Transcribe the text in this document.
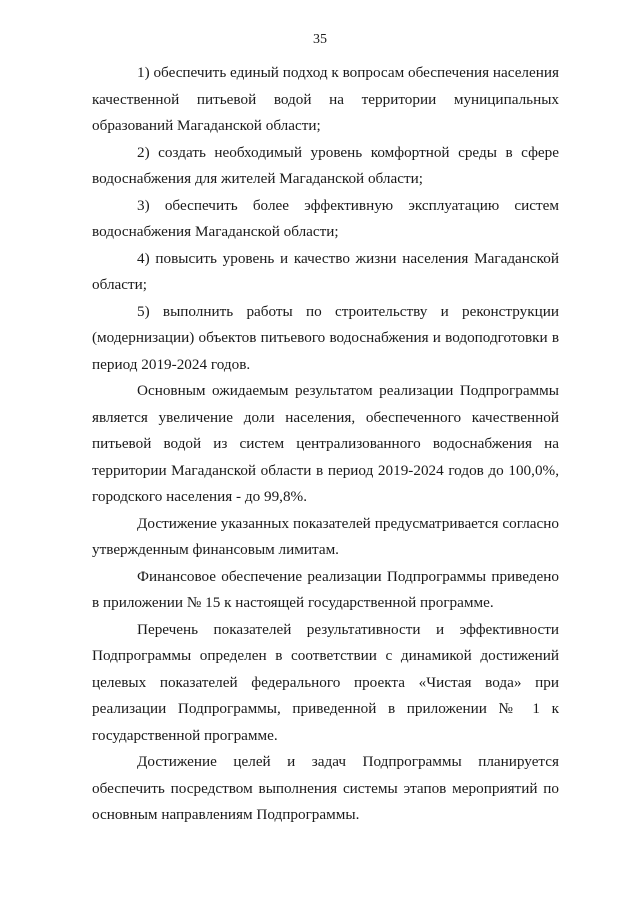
35

1) обеспечить единый подход к вопросам обеспечения населения качественной питьевой водой на территории муниципальных образований Магаданской области;

2) создать необходимый уровень комфортной среды в сфере водоснабжения для жителей Магаданской области;

3) обеспечить более эффективную эксплуатацию систем водоснабжения Магаданской области;

4) повысить уровень и качество жизни населения Магаданской области;

5) выполнить работы по строительству и реконструкции (модернизации) объектов питьевого водоснабжения и водоподготовки в период 2019-2024 годов.

Основным ожидаемым результатом реализации Подпрограммы является увеличение доли населения, обеспеченного качественной питьевой водой из систем централизованного водоснабжения на территории Магаданской области в период 2019-2024 годов до 100,0%, городского населения - до 99,8%.

Достижение указанных показателей предусматривается согласно утвержденным финансовым лимитам.

Финансовое обеспечение реализации Подпрограммы приведено в приложении № 15 к настоящей государственной программе.

Перечень показателей результативности и эффективности Подпрограммы определен в соответствии с динамикой достижений целевых показателей федерального проекта «Чистая вода» при реализации Подпрограммы, приведенной в приложении № 1 к государственной программе.

Достижение целей и задач Подпрограммы планируется обеспечить посредством выполнения системы этапов мероприятий по основным направлениям Подпрограммы.
